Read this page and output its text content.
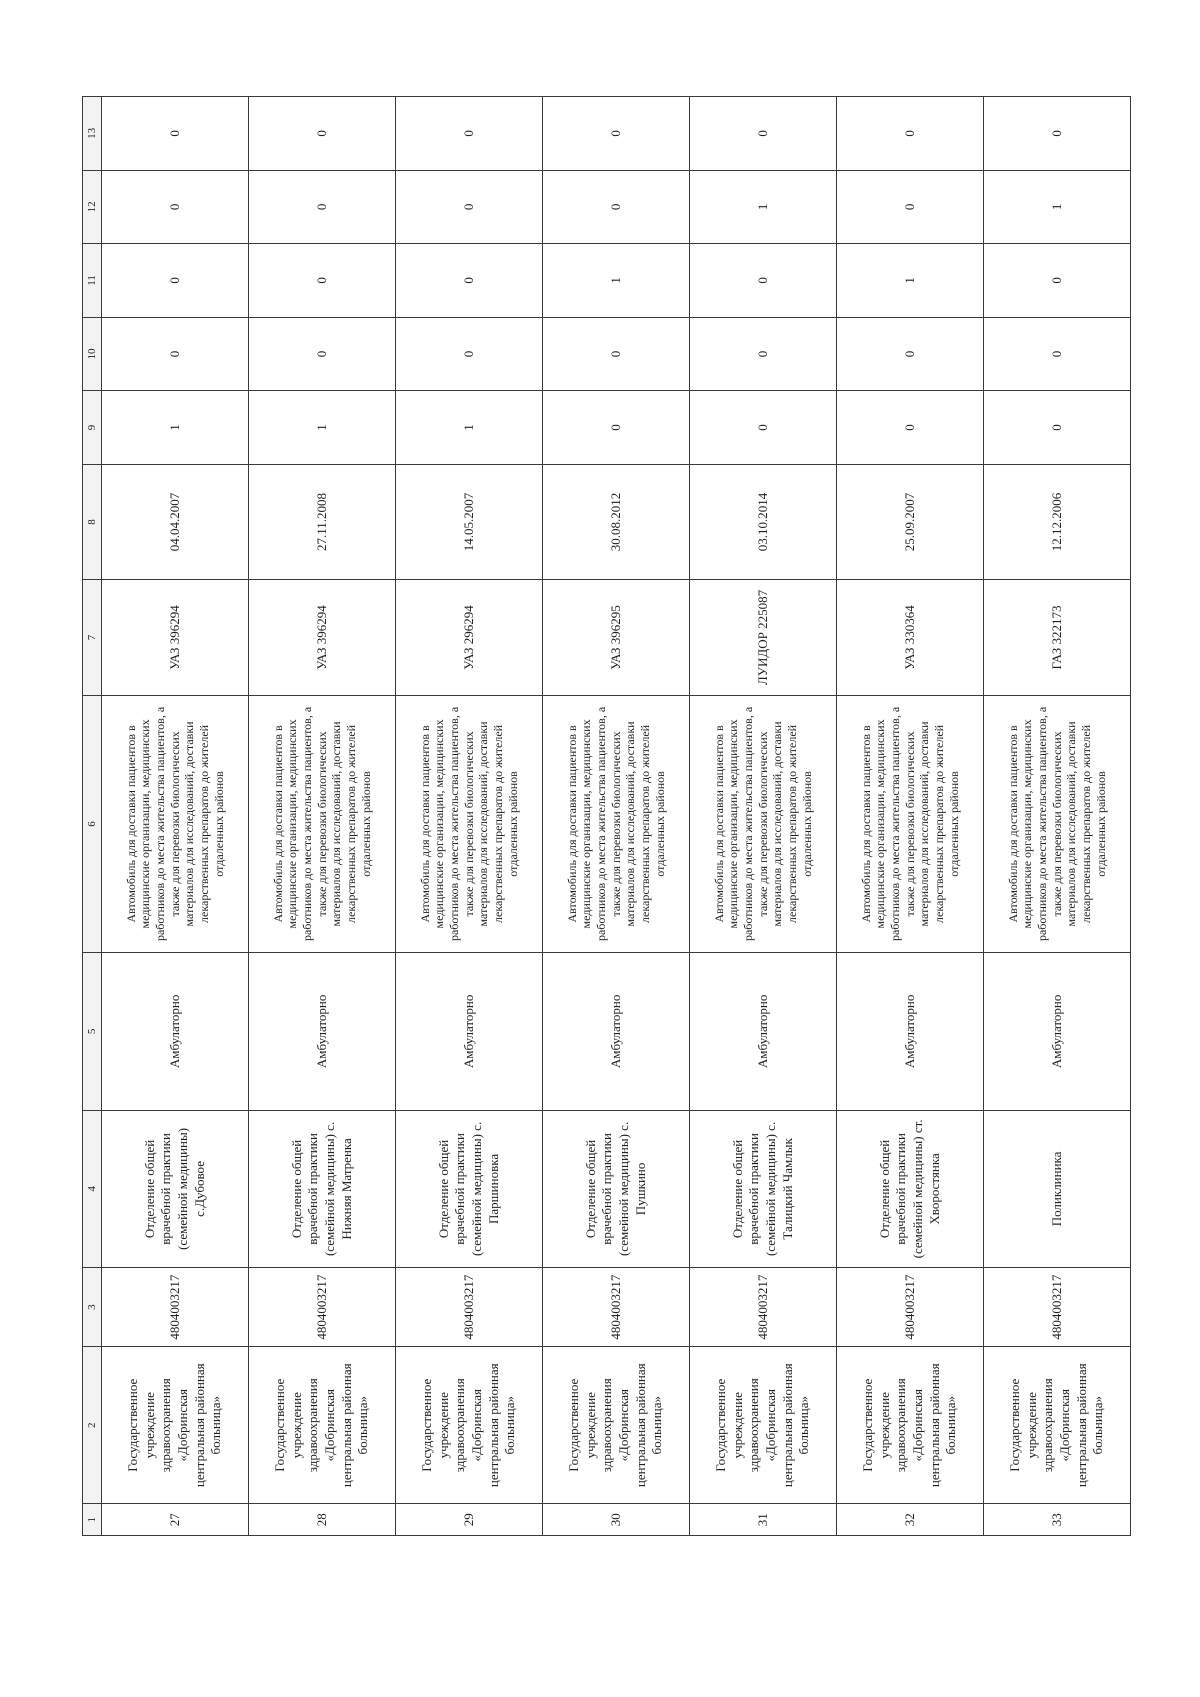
1	2	3	4	5	6	7	8	9	10	11	12	13
27	Государственное учреждение здравоохранения «Добринская центральная районная больница»	4804003217	Отделение общей врачебной практики (семейной медицины) с.Дубовое	Амбулаторно	Автомобиль для доставки пациентов в медицинские организации, медицинских работников до места жительства пациентов, а также для перевозки биологических материалов для исследований, доставки лекарственных препаратов до жителей отдаленных районов	УАЗ 396294	04.04.2007	1	0	0	0	0
28	Государственное учреждение здравоохранения «Добринская центральная районная больница»	4804003217	Отделение общей врачебной практики (семейной медицины) с. Нижняя Матренка	Амбулаторно	Автомобиль для доставки пациентов в медицинские организации, медицинских работников до места жительства пациентов, а также для перевозки биологических материалов для исследований, доставки лекарственных препаратов до жителей отдаленных районов	УАЗ 396294	27.11.2008	1	0	0	0	0
29	Государственное учреждение здравоохранения «Добринская центральная районная больница»	4804003217	Отделение общей врачебной практики (семейной медицины) с. Паршиновка	Амбулаторно	Автомобиль для доставки пациентов в медицинские организации, медицинских работников до места жительства пациентов, а также для перевозки биологических материалов для исследований, доставки лекарственных препаратов до жителей отдаленных районов	УАЗ 296294	14.05.2007	1	0	0	0	0
30	Государственное учреждение здравоохранения «Добринская центральная районная больница»	4804003217	Отделение общей врачебной практики (семейной медицины) с. Пушкино	Амбулаторно	Автомобиль для доставки пациентов в медицинские организации, медицинских работников до места жительства пациентов, а также для перевозки биологических материалов для исследований, доставки лекарственных препаратов до жителей отдаленных районов	УАЗ 396295	30.08.2012	0	0	1	0	0
31	Государственное учреждение здравоохранения «Добринская центральная районная больница»	4804003217	Отделение общей врачебной практики (семейной медицины) с. Талицкий Чамлык	Амбулаторно	Автомобиль для доставки пациентов в медицинские организации, медицинских работников до места жительства пациентов, а также для перевозки биологических материалов для исследований, доставки лекарственных препаратов до жителей отдаленных районов	ЛУИДОР 225087	03.10.2014	0	0	0	1	0
32	Государственное учреждение здравоохранения «Добринская центральная районная больница»	4804003217	Отделение общей врачебной практики (семейной медицины) ст. Хворостянка	Амбулаторно	Автомобиль для доставки пациентов в медицинские организации, медицинских работников до места жительства пациентов, а также для перевозки биологических материалов для исследований, доставки лекарственных препаратов до жителей отдаленных районов	УАЗ 330364	25.09.2007	0	0	1	0	0
33	Государственное учреждение здравоохранения «Добринская центральная районная больница»	4804003217	Поликлиника	Амбулаторно	Автомобиль для доставки пациентов в медицинские организации, медицинских работников до места жительства пациентов, а также для перевозки биологических материалов для исследований, доставки лекарственных препаратов до жителей отдаленных районов	ГАЗ 322173	12.12.2006	0	0	0	1	0
